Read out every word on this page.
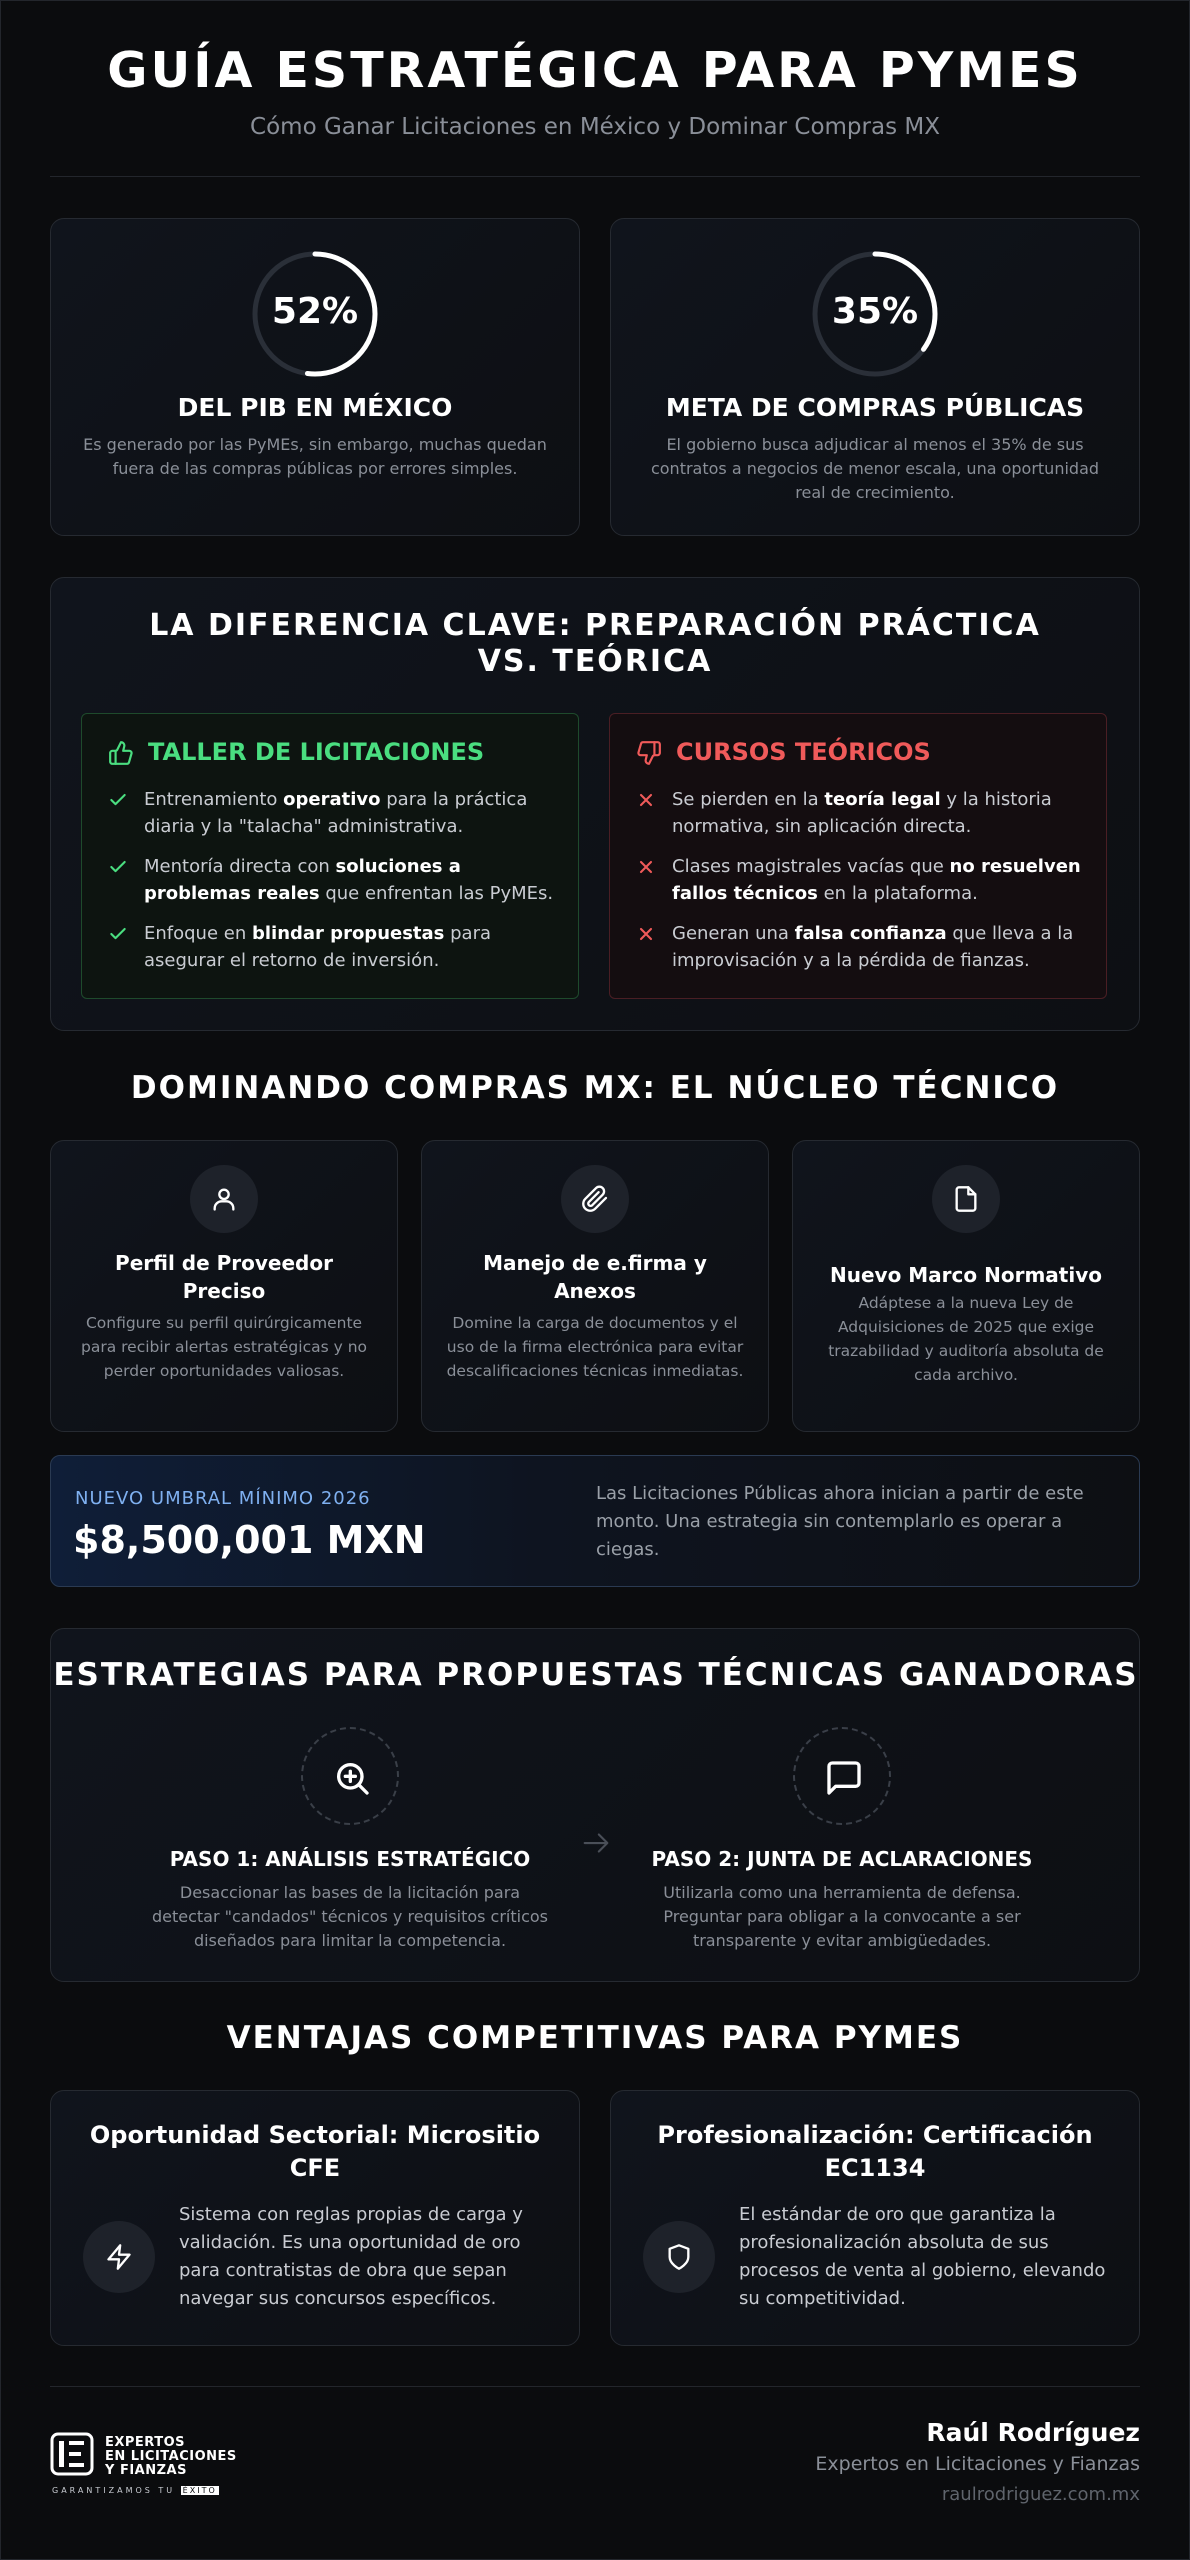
GUÍA ESTRATÉGICA PARA PYMES
Cómo Ganar Licitaciones en México y Dominar Compras MX
52%
DEL PIB EN MÉXICO
Es generado por las PyMEs, sin embargo, muchas quedan fuera de las compras públicas por errores simples.
35%
META DE COMPRAS PÚBLICAS
El gobierno busca adjudicar al menos el 35% de sus contratos a negocios de menor escala, una oportunidad real de crecimiento.
LA DIFERENCIA CLAVE: PREPARACIÓN PRÁCTICA VS. TEÓRICA
TALLER DE LICITACIONES
Entrenamiento operativo para la práctica diaria y la "talacha" administrativa.
Mentoría directa con soluciones a problemas reales que enfrentan las PyMEs.
Enfoque en blindar propuestas para asegurar el retorno de inversión.
CURSOS TEÓRICOS
Se pierden en la teoría legal y la historia normativa, sin aplicación directa.
Clases magistrales vacías que no resuelven fallos técnicos en la plataforma.
Generan una falsa confianza que lleva a la improvisación y a la pérdida de fianzas.
DOMINANDO COMPRAS MX: EL NÚCLEO TÉCNICO
Perfil de Proveedor Preciso
Configure su perfil quirúrgicamente para recibir alertas estratégicas y no perder oportunidades valiosas.
Manejo de e.firma y Anexos
Domine la carga de documentos y el uso de la firma electrónica para evitar descalificaciones técnicas inmediatas.
Nuevo Marco Normativo
Adáptese a la nueva Ley de Adquisiciones de 2025 que exige trazabilidad y auditoría absoluta de cada archivo.
NUEVO UMBRAL MÍNIMO 2026
$8,500,001 MXN
Las Licitaciones Públicas ahora inician a partir de este monto. Una estrategia sin contemplarlo es operar a ciegas.
ESTRATEGIAS PARA PROPUESTAS TÉCNICAS GANADORAS
PASO 1: ANÁLISIS ESTRATÉGICO
Desaccionar las bases de la licitación para detectar "candados" técnicos y requisitos críticos diseñados para limitar la competencia.
PASO 2: JUNTA DE ACLARACIONES
Utilizarla como una herramienta de defensa. Preguntar para obligar a la convocante a ser transparente y evitar ambigüedades.
VENTAJAS COMPETITIVAS PARA PYMES
Oportunidad Sectorial: Micrositio CFE
Sistema con reglas propias de carga y validación. Es una oportunidad de oro para contratistas de obra que sepan navegar sus concursos específicos.
Profesionalización: Certificación EC1134
El estándar de oro que garantiza la profesionalización absoluta de sus procesos de venta al gobierno, elevando su competitividad.
EXPERTOS
EN LICITACIONES
Y FIANZAS
GARANTIZAMOS TU ÉXITO
Raúl Rodríguez
Expertos en Licitaciones y Fianzas
raulrodriguez.com.mx
